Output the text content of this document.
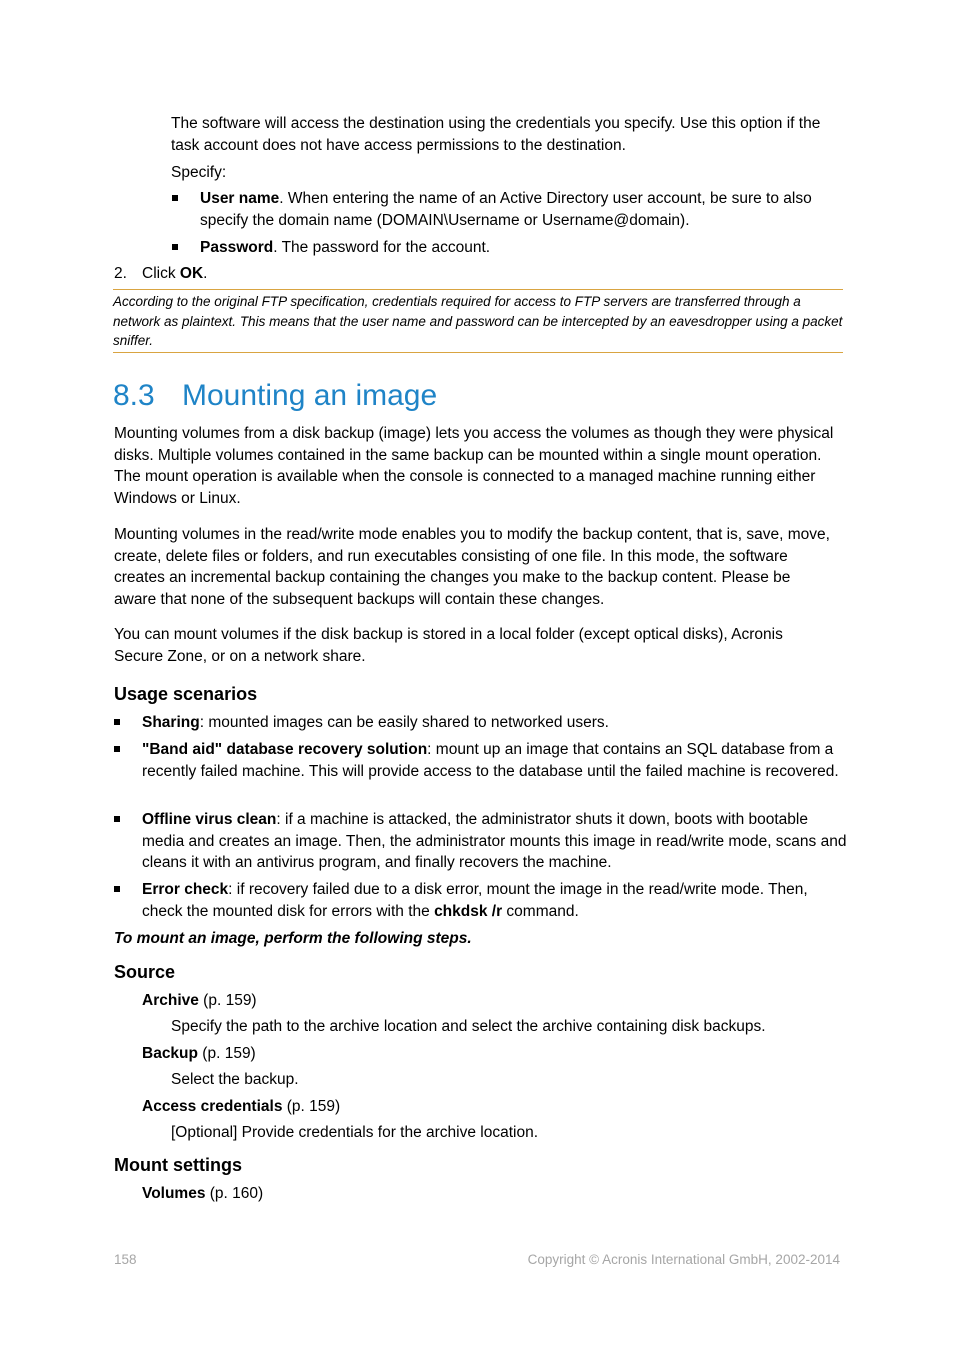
The software will access the destination using the credentials you specify. Use this option if the task account does not have access permissions to the destination.
Specify:
User name. When entering the name of an Active Directory user account, be sure to also specify the domain name (DOMAIN\Username or Username@domain).
Password. The password for the account.
2. Click OK.
According to the original FTP specification, credentials required for access to FTP servers are transferred through a network as plaintext. This means that the user name and password can be intercepted by an eavesdropper using a packet sniffer.
8.3 Mounting an image
Mounting volumes from a disk backup (image) lets you access the volumes as though they were physical disks. Multiple volumes contained in the same backup can be mounted within a single mount operation. The mount operation is available when the console is connected to a managed machine running either Windows or Linux.
Mounting volumes in the read/write mode enables you to modify the backup content, that is, save, move, create, delete files or folders, and run executables consisting of one file. In this mode, the software creates an incremental backup containing the changes you make to the backup content. Please be aware that none of the subsequent backups will contain these changes.
You can mount volumes if the disk backup is stored in a local folder (except optical disks), Acronis Secure Zone, or on a network share.
Usage scenarios
Sharing: mounted images can be easily shared to networked users.
"Band aid" database recovery solution: mount up an image that contains an SQL database from a recently failed machine. This will provide access to the database until the failed machine is recovered.
Offline virus clean: if a machine is attacked, the administrator shuts it down, boots with bootable media and creates an image. Then, the administrator mounts this image in read/write mode, scans and cleans it with an antivirus program, and finally recovers the machine.
Error check: if recovery failed due to a disk error, mount the image in the read/write mode. Then, check the mounted disk for errors with the chkdsk /r command.
To mount an image, perform the following steps.
Source
Archive (p. 159)
Specify the path to the archive location and select the archive containing disk backups.
Backup (p. 159)
Select the backup.
Access credentials (p. 159)
[Optional] Provide credentials for the archive location.
Mount settings
Volumes (p. 160)
158	Copyright © Acronis International GmbH, 2002-2014
